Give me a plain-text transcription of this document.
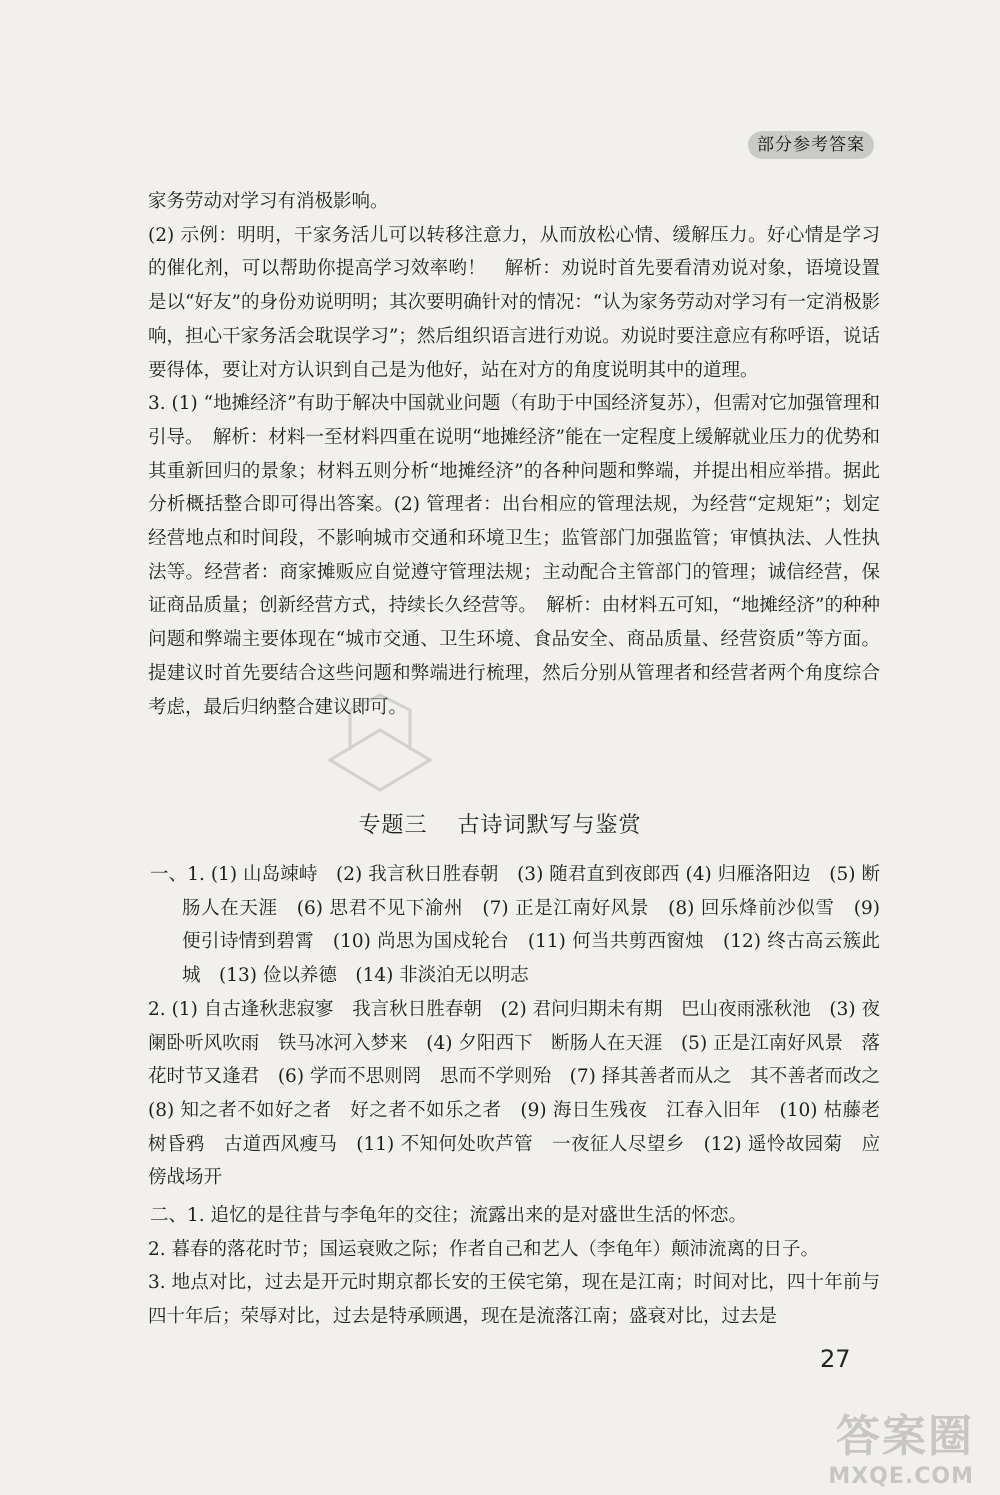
部分参考答案

家务劳动对学习有消极影响。

(2) 示例：明明，干家务活儿可以转移注意力，从而放松心情、缓解压力。好心情是学习的催化剂，可以帮助你提高学习效率哟！　解析：劝说时首先要看清劝说对象，语境设置是以“好友”的身份劝说明明；其次要明确针对的情况：“认为家务劳动对学习有一定消极影响，担心干家务活会耽误学习”；然后组织语言进行劝说。劝说时要注意应有称呼语，说话要得体，要让对方认识到自己是为他好，站在对方的角度说明其中的道理。

3. (1) “地摊经济”有助于解决中国就业问题（有助于中国经济复苏），但需对它加强管理和引导。　解析：材料一至材料四重在说明“地摊经济”能在一定程度上缓解就业压力的优势和其重新回归的景象；材料五则分析“地摊经济”的各种问题和弊端，并提出相应举措。据此分析概括整合即可得出答案。(2) 管理者：出台相应的管理法规，为经营“定规矩”；划定经营地点和时间段，不影响城市交通和环境卫生；监管部门加强监管；审慎执法、人性执法等。经营者：商家摊贩应自觉遵守管理法规；主动配合主管部门的管理；诚信经营，保证商品质量；创新经营方式，持续长久经营等。　解析：由材料五可知，“地摊经济”的种种问题和弊端主要体现在“城市交通、卫生环境、食品安全、商品质量、经营资质”等方面。提建议时首先要结合这些问题和弊端进行梳理，然后分别从管理者和经营者两个角度综合考虑，最后归纳整合建议即可。

专题三 古诗词默写与鉴赏

一、1. (1) 山岛竦峙　(2) 我言秋日胜春朝　(3) 随君直到夜郎西 (4) 归雁洛阳边　(5) 断肠人在天涯　(6) 思君不见下渝州　(7) 正是江南好风景　(8) 回乐烽前沙似雪　(9) 便引诗情到碧霄　(10) 尚思为国戍轮台　(11) 何当共剪西窗烛　(12) 终古高云簇此城　(13) 俭以养德　(14) 非淡泊无以明志

2. (1) 自古逢秋悲寂寥　我言秋日胜春朝　(2) 君问归期未有期　巴山夜雨涨秋池　(3) 夜阑卧听风吹雨　铁马冰河入梦来　(4) 夕阳西下　断肠人在天涯　(5) 正是江南好风景　落花时节又逢君　(6) 学而不思则罔　思而不学则殆　(7) 择其善者而从之　其不善者而改之　(8) 知之者不如好之者　好之者不如乐之者　(9) 海日生残夜　江春入旧年　(10) 枯藤老树昏鸦　古道西风瘦马　(11) 不知何处吹芦管　一夜征人尽望乡　(12) 遥怜故园菊　应傍战场开

二、1. 追忆的是往昔与李龟年的交往；流露出来的是对盛世生活的怀恋。

2. 暮春的落花时节；国运衰败之际；作者自己和艺人（李龟年）颠沛流离的日子。

3. 地点对比，过去是开元时期京都长安的王侯宅第，现在是江南；时间对比，四十年前与四十年后；荣辱对比，过去是特承顾遇，现在是流落江南；盛衰对比，过去是

27
答案圈
MXQE.COM
